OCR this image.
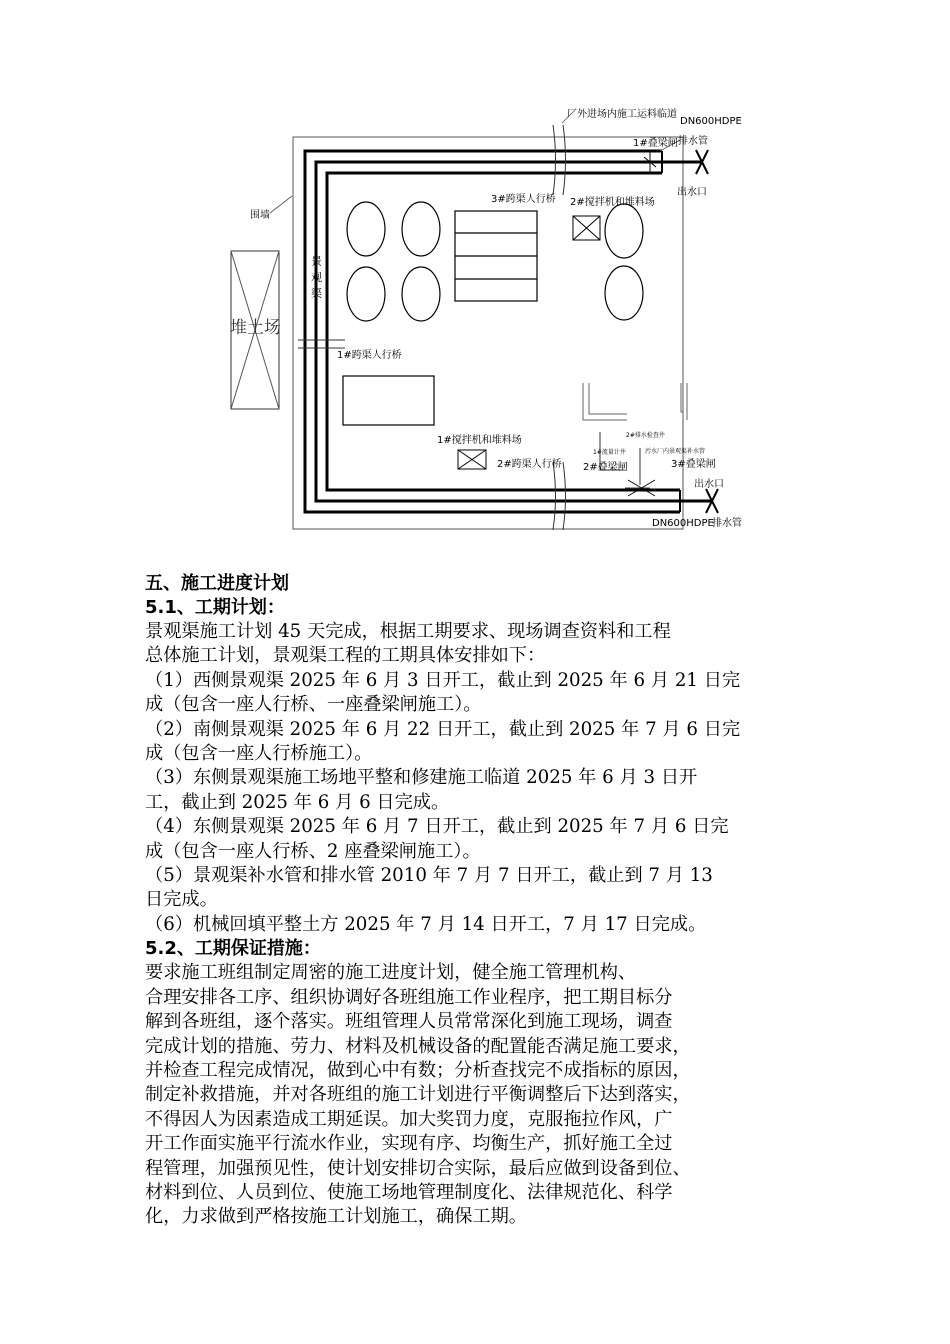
厂外进场内施工运料临道
DN600HDPE
排水管
1#叠梁闸
出水口
3#跨渠人行桥 2#搅拌机和堆料场
围墙
景 观 渠
堆土场
1#跨渠人行桥
1#搅拌机和堆料场
2#跨渠人行桥 2#叠梁闸	3#叠梁闸
出水口
DN600HDPE
排水管
2#排水检查井
1#流量计井	污水厂内景观渠补水管

五、施工进度计划

5.1、工期计划：

景观渠施工计划 45 天完成，根据工期要求、现场调查资料和工程

总体施工计划，景观渠工程的工期具体安排如下：

（1）西侧景观渠 2025 年 6 月 3 日开工，截止到 2025 年 6 月 21 日完

成（包含一座人行桥、一座叠梁闸施工）。

（2）南侧景观渠 2025 年 6 月 22 日开工，截止到 2025 年 7 月 6 日完

成（包含一座人行桥施工）。

（3）东侧景观渠施工场地平整和修建施工临道 2025 年 6 月 3 日开

工，截止到 2025 年 6 月 6 日完成。

（4）东侧景观渠 2025 年 6 月 7 日开工，截止到 2025 年 7 月 6 日完

成（包含一座人行桥、2 座叠梁闸施工）。

（5）景观渠补水管和排水管 2010 年 7 月 7 日开工，截止到 7 月 13

日完成。

（6）机械回填平整土方 2025 年 7 月 14 日开工，7 月 17 日完成。

5.2、工期保证措施：

要求施工班组制定周密的施工进度计划，健全施工管理机构、

合理安排各工序、组织协调好各班组施工作业程序，把工期目标分

解到各班组，逐个落实。班组管理人员常常深化到施工现场，调查

完成计划的措施、劳力、材料及机械设备的配置能否满足施工要求，

并检查工程完成情况，做到心中有数；分析查找完不成指标的原因，

制定补救措施，并对各班组的施工计划进行平衡调整后下达到落实，

不得因人为因素造成工期延误。加大奖罚力度，克服拖拉作风，广

开工作面实施平行流水作业，实现有序、均衡生产，抓好施工全过

程管理，加强预见性，使计划安排切合实际，最后应做到设备到位、

材料到位、人员到位、使施工场地管理制度化、法律规范化、科学

化，力求做到严格按施工计划施工，确保工期。
